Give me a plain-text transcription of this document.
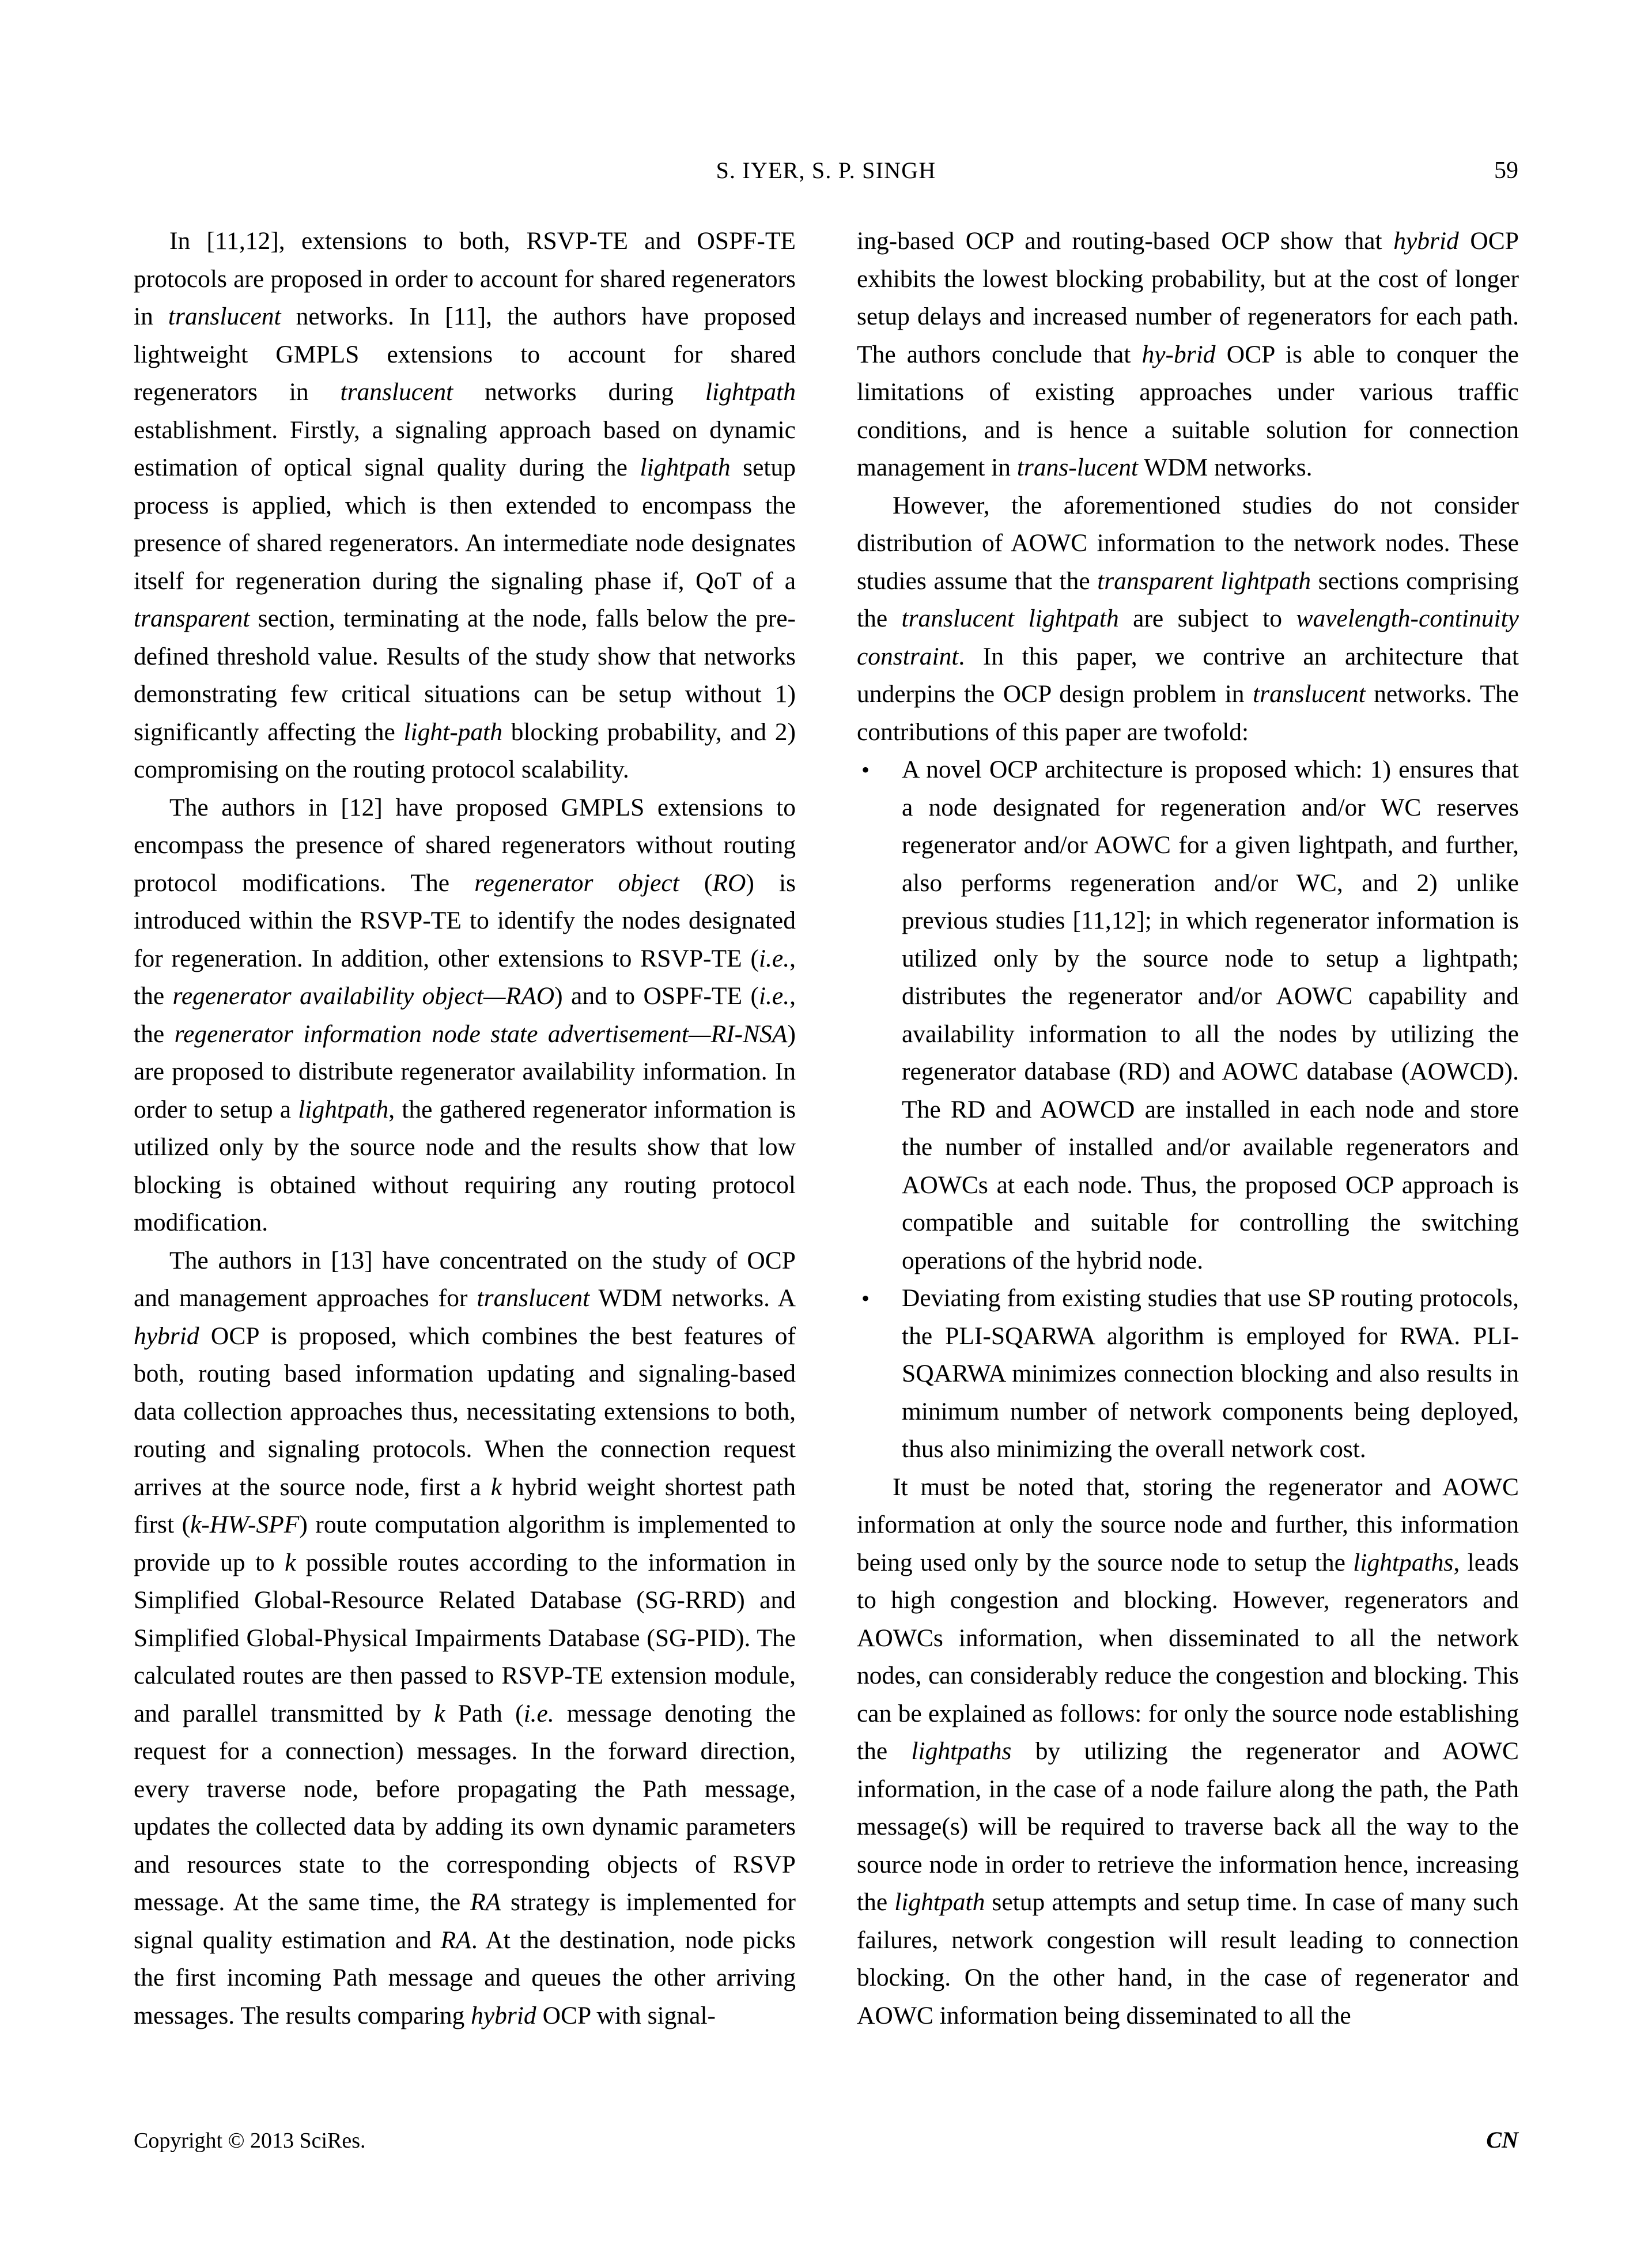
S. IYER, S. P. SINGH	59

In [11,12], extensions to both, RSVP-TE and OSPF-TE protocols are proposed in order to account for shared regenerators in translucent networks. In [11], the authors have proposed lightweight GMPLS extensions to account for shared regenerators in translucent networks during lightpath establishment. Firstly, a signaling approach based on dynamic estimation of optical signal quality during the lightpath setup process is applied, which is then extended to encompass the presence of shared regenerators. An intermediate node designates itself for regeneration during the signaling phase if, QoT of a transparent section, terminating at the node, falls below the pre-defined threshold value. Results of the study show that networks demonstrating few critical situations can be setup without 1) significantly affecting the light-path blocking probability, and 2) compromising on the routing protocol scalability.

The authors in [12] have proposed GMPLS extensions to encompass the presence of shared regenerators without routing protocol modifications. The regenerator object (RO) is introduced within the RSVP-TE to identify the nodes designated for regeneration. In addition, other extensions to RSVP-TE (i.e., the regenerator availability object—RAO) and to OSPF-TE (i.e., the regenerator information node state advertisement—RI-NSA) are proposed to distribute regenerator availability information. In order to setup a lightpath, the gathered regenerator information is utilized only by the source node and the results show that low blocking is obtained without requiring any routing protocol modification.

The authors in [13] have concentrated on the study of OCP and management approaches for translucent WDM networks. A hybrid OCP is proposed, which combines the best features of both, routing based information updating and signaling-based data collection approaches thus, necessitating extensions to both, routing and signaling protocols. When the connection request arrives at the source node, first a k hybrid weight shortest path first (k-HW-SPF) route computation algorithm is implemented to provide up to k possible routes according to the information in Simplified Global-Resource Related Database (SG-RRD) and Simplified Global-Physical Impairments Database (SG-PID). The calculated routes are then passed to RSVP-TE extension module, and parallel transmitted by k Path (i.e. message denoting the request for a connection) messages. In the forward direction, every traverse node, before propagating the Path message, updates the collected data by adding its own dynamic parameters and resources state to the corresponding objects of RSVP message. At the same time, the RA strategy is implemented for signal quality estimation and RA. At the destination, node picks the first incoming Path message and queues the other arriving messages. The results comparing hybrid OCP with signal-

ing-based OCP and routing-based OCP show that hybrid OCP exhibits the lowest blocking probability, but at the cost of longer setup delays and increased number of regenerators for each path. The authors conclude that hy-brid OCP is able to conquer the limitations of existing approaches under various traffic conditions, and is hence a suitable solution for connection management in trans-lucent WDM networks.

However, the aforementioned studies do not consider distribution of AOWC information to the network nodes. These studies assume that the transparent lightpath sections comprising the translucent lightpath are subject to wavelength-continuity constraint. In this paper, we contrive an architecture that underpins the OCP design problem in translucent networks. The contributions of this paper are twofold:

• A novel OCP architecture is proposed which: 1) ensures that a node designated for regeneration and/or WC reserves regenerator and/or AOWC for a given lightpath, and further, also performs regeneration and/or WC, and 2) unlike previous studies [11,12]; in which regenerator information is utilized only by the source node to setup a lightpath; distributes the regenerator and/or AOWC capability and availability information to all the nodes by utilizing the regenerator database (RD) and AOWC database (AOWCD). The RD and AOWCD are installed in each node and store the number of installed and/or available regenerators and AOWCs at each node. Thus, the proposed OCP approach is compatible and suitable for controlling the switching operations of the hybrid node.
• Deviating from existing studies that use SP routing protocols, the PLI-SQARWA algorithm is employed for RWA. PLI-SQARWA minimizes connection blocking and also results in minimum number of network components being deployed, thus also minimizing the overall network cost.

It must be noted that, storing the regenerator and AOWC information at only the source node and further, this information being used only by the source node to setup the lightpaths, leads to high congestion and blocking. However, regenerators and AOWCs information, when disseminated to all the network nodes, can considerably reduce the congestion and blocking. This can be explained as follows: for only the source node establishing the lightpaths by utilizing the regenerator and AOWC information, in the case of a node failure along the path, the Path message(s) will be required to traverse back all the way to the source node in order to retrieve the information hence, increasing the lightpath setup attempts and setup time. In case of many such failures, network congestion will result leading to connection blocking. On the other hand, in the case of regenerator and AOWC information being disseminated to all the

Copyright © 2013 SciRes.	CN
